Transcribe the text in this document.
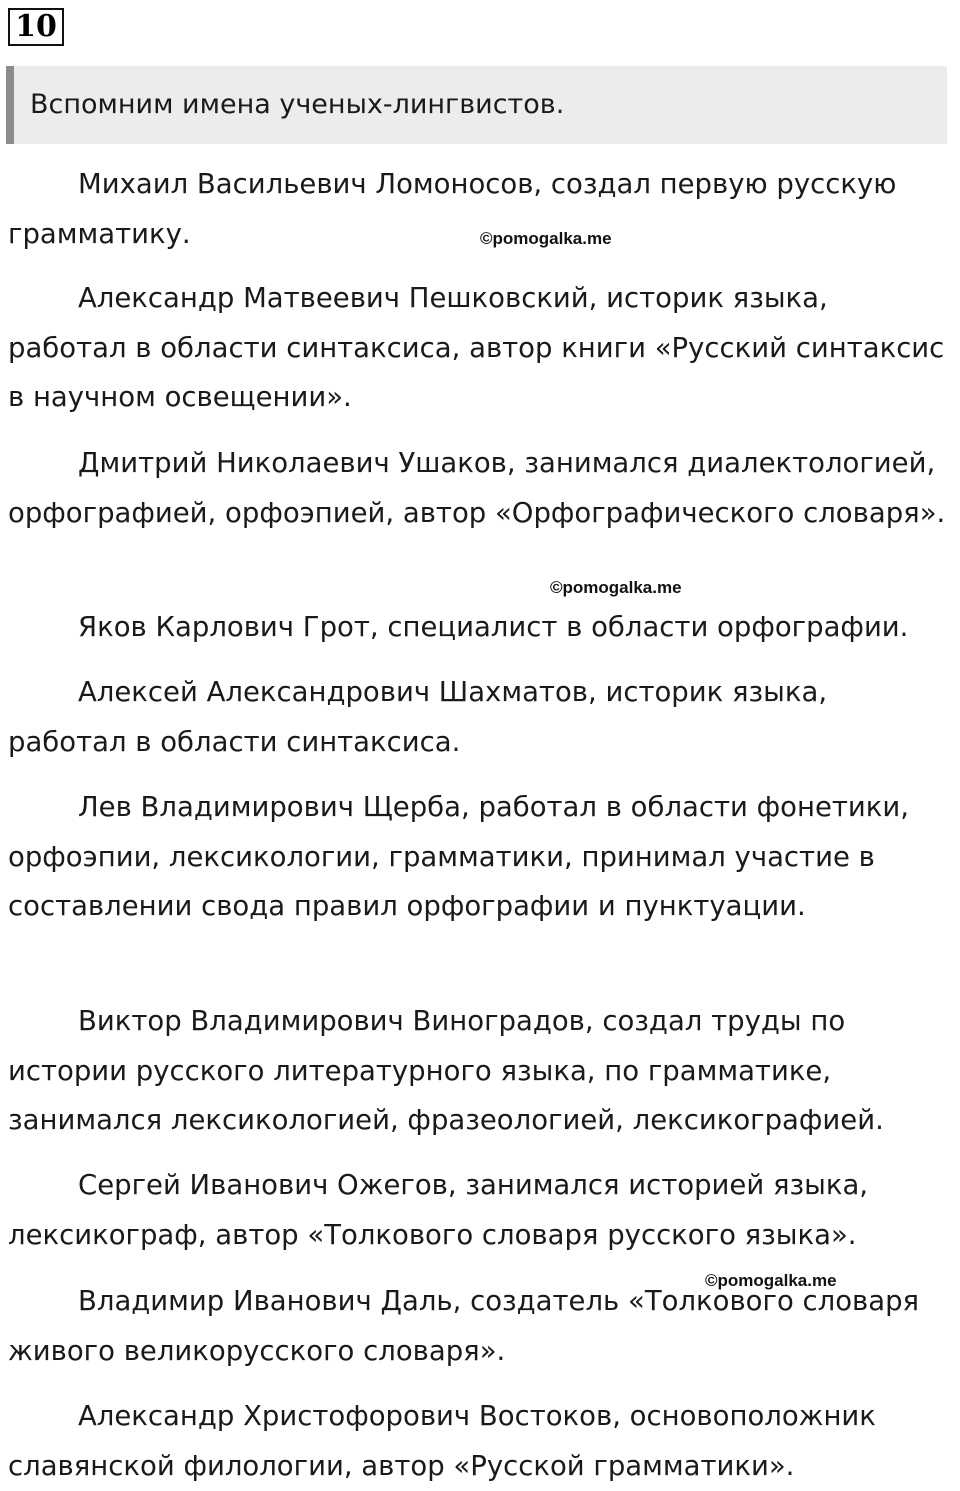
10
Вспомним имена ученых-лингвистов.

Михаил Васильевич Ломоносов, создал первую русскую грамматику.

Александр Матвеевич Пешковский, историк языка, работал в области синтаксиса, автор книги «Русский синтаксис в научном освещении».

Дмитрий Николаевич Ушаков, занимался диалектологией, орфографией, орфоэпией, автор «Орфографического словаря».

Яков Карлович Грот, специалист в области орфографии.

Алексей Александрович Шахматов, историк языка, работал в области синтаксиса.

Лев Владимирович Щерба, работал в области фонетики, орфоэпии, лексикологии, грамматики, принимал участие в составлении свода правил орфографии и пунктуации.

Виктор Владимирович Виноградов, создал труды по истории русского литературного языка, по грамматике, занимался лексикологией, фразеологией, лексикографией.

Сергей Иванович Ожегов, занимался историей языка, лексикограф, автор «Толкового словаря русского языка».

Владимир Иванович Даль, создатель «Толкового словаря живого великорусского словаря».

Александр Христофорович Востоков, основоположник славянской филологии, автор «Русской грамматики».

©pomogalka.me
©pomogalka.me
©pomogalka.me
